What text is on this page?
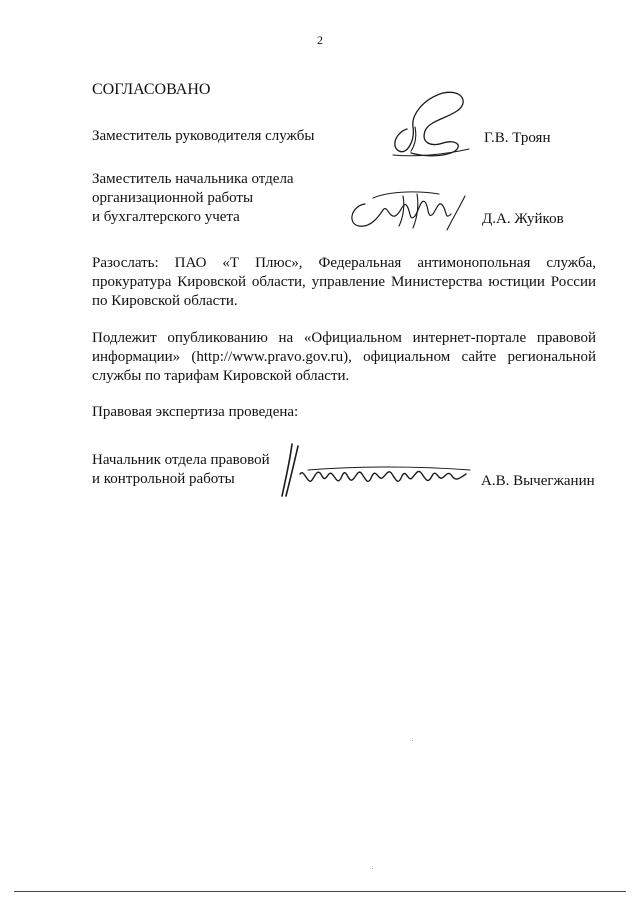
2
СОГЛАСОВАНО
Заместитель руководителя службы	Г.В. Троян
Заместитель начальника отдела
организационной работы
и бухгалтерского учета	Д.А. Жуйков
Разослать: ПАО «Т Плюс», Федеральная антимонопольная служба, прокуратура Кировской области, управление Министерства юстиции России по Кировской области.
Подлежит опубликованию на «Официальном интернет-портале правовой информации» (http://www.pravo.gov.ru), официальном сайте региональной службы по тарифам Кировской области.
Правовая экспертиза проведена:
Начальник отдела правовой
и контрольной работы	А.В. Вычегжанин
